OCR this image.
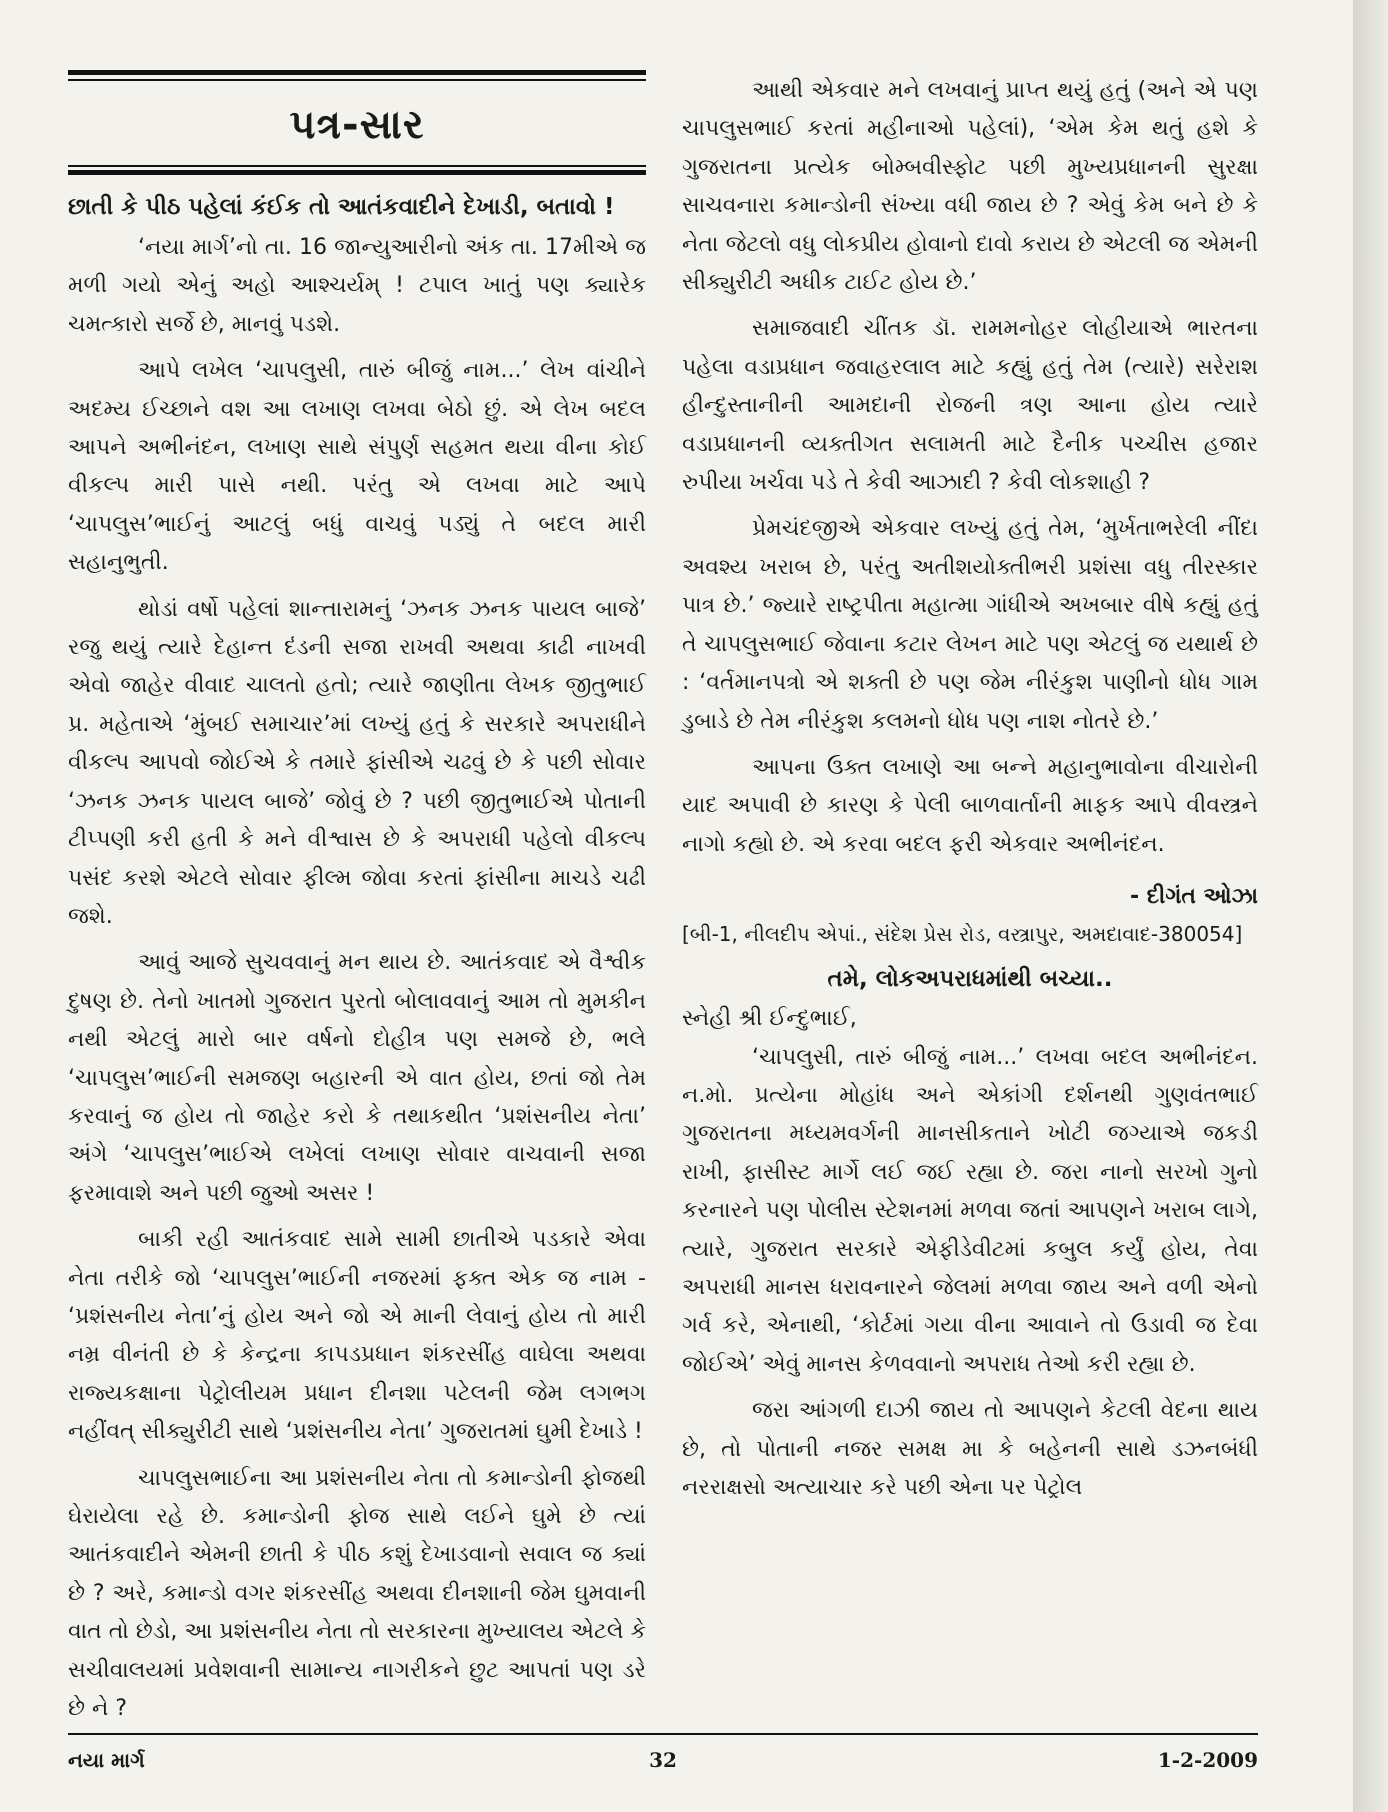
પત્ર-સાર
છાતી કે પીઠ પહેલાં કંઈક તો આતંકવાદીને દેખાડી, બતાવો !

‘નયા માર્ગ’નો તા. 16 જાન્યુઆરીનો અંક તા. 17મીએ જ મળી ગયો એનું અહો આશ્ચર્યમ્ ! ટપાલ ખાતું પણ ક્યારેક ચમત્કારો સર્જે છે, માનવું પડશે.

આપે લખેલ ‘ચાપલુસી, તારું બીજું નામ...’ લેખ વાંચીને અદમ્ય ઈચ્છાને વશ આ લખાણ લખવા બેઠો છું. એ લેખ બદલ આપને અભીનંદન, લખાણ સાથે સંપુર્ણ સહમત થયા વીના કોઈ વીકલ્પ મારી પાસે નથી. પરંતુ એ લખવા માટે આપે ‘ચાપલુસ’ભાઈનું આટલું બધું વાચવું પડ્યું તે બદલ મારી સહાનુભુતી.

થોડાં વર્ષો પહેલાં શાન્તારામનું ‘ઝનક ઝનક પાયલ બાજે’ રજુ થયું ત્યારે દેહાન્ત દંડની સજા રાખવી અથવા કાઢી નાખવી એવો જાહેર વીવાદ ચાલતો હતો; ત્યારે જાણીતા લેખક જીતુભાઈ પ્ર. મહેતાએ ‘મુંબઈ સમાચાર’માં લખ્યું હતું કે સરકારે અપરાધીને વીકલ્પ આપવો જોઈએ કે તમારે ફાંસીએ ચઢવું છે કે પછી સોવાર ‘ઝનક ઝનક પાયલ બાજે’ જોવું છે ? પછી જીતુભાઈએ પોતાની ટીપ્પણી કરી હતી કે મને વીશ્વાસ છે કે અપરાધી પહેલો વીકલ્પ પસંદ કરશે એટલે સોવાર ફીલ્મ જોવા કરતાં ફાંસીના માચડે ચઢી જશે.

આવું આજે સુચવવાનું મન થાય છે. આતંકવાદ એ વૈશ્વીક દુષણ છે. તેનો ખાતમો ગુજરાત પુરતો બોલાવવાનું આમ તો મુમકીન નથી એટલું મારો બાર વર્ષનો દોહીત્ર પણ સમજે છે, ભલે ‘ચાપલુસ’ભાઈની સમજણ બહારની એ વાત હોય, છતાં જો તેમ કરવાનું જ હોય તો જાહેર કરો કે તથાકથીત ‘પ્રશંસનીય નેતા’ અંગે ‘ચાપલુસ’ભાઈએ લખેલાં લખાણ સોવાર વાચવાની સજા ફરમાવાશે અને પછી જુઓ અસર !

બાકી રહી આતંકવાદ સામે સામી છાતીએ પડકારે એવા નેતા તરીકે જો ‘ચાપલુસ’ભાઈની નજરમાં ફક્ત એક જ નામ - ‘પ્રશંસનીય નેતા’નું હોય અને જો એ માની લેવાનું હોય તો મારી નમ્ર વીનંતી છે કે કેન્દ્રના કાપડપ્રધાન શંકરસીંહ વાઘેલા અથવા રાજ્યકક્ષાના પેટ્રોલીયમ પ્રધાન દીનશા પટેલની જેમ લગભગ નહીંવત્ સીક્યુરીટી સાથે ‘પ્રશંસનીય નેતા’ ગુજરાતમાં ઘુમી દેખાડે !

ચાપલુસભાઈના આ પ્રશંસનીય નેતા તો કમાન્ડોની ફોજથી ઘેરાયેલા રહે છે. કમાન્ડોની ફોજ સાથે લઈને ઘુમે છે ત્યાં આતંકવાદીને એમની છાતી કે પીઠ કશું દેખાડવાનો સવાલ જ ક્યાં છે ? અરે, કમાન્ડો વગર શંકરસીંહ અથવા દીનશાની જેમ ઘુમવાની વાત તો છેડો, આ પ્રશંસનીય નેતા તો સરકારના મુખ્યાલય એટલે કે સચીવાલયમાં પ્રવેશવાની સામાન્ય નાગરીકને છુટ આપતાં પણ ડરે છે ને ?

આથી એકવાર મને લખવાનું પ્રાપ્ત થયું હતું (અને એ પણ ચાપલુસભાઈ કરતાં મહીનાઓ પહેલાં), ‘એમ કેમ થતું હશે કે ગુજરાતના પ્રત્યેક બોમ્બવીસ્ફોટ પછી મુખ્યપ્રધાનની સુરક્ષા સાચવનારા કમાન્ડોની સંખ્યા વધી જાય છે ? એવું કેમ બને છે કે નેતા જેટલો વધુ લોકપ્રીય હોવાનો દાવો કરાય છે એટલી જ એમની સીક્યુરીટી અધીક ટાઈટ હોય છે.’

સમાજવાદી ચીંતક ડૉ. રામમનોહર લોહીયાએ ભારતના પહેલા વડાપ્રધાન જવાહરલાલ માટે કહ્યું હતું તેમ (ત્યારે) સરેરાશ હીન્દુસ્તાનીની આમદાની રોજની ત્રણ આના હોય ત્યારે વડાપ્રધાનની વ્યક્તીગત સલામતી માટે દૈનીક પચ્ચીસ હજાર રુપીયા ખર્ચવા પડે તે કેવી આઝાદી ? કેવી લોકશાહી ?

પ્રેમચંદજીએ એકવાર લખ્યું હતું તેમ, ‘મુર્ખતાભરેલી નીંદા અવશ્ય ખરાબ છે, પરંતુ અતીશયોક્તીભરી પ્રશંસા વધુ તીરસ્કાર પાત્ર છે.’ જ્યારે રાષ્ટ્રપીતા મહાત્મા ગાંધીએ અખબાર વીષે કહ્યું હતું તે ચાપલુસભાઈ જેવાના કટાર લેખન માટે પણ એટલું જ યથાર્થ છે : ‘વર્તમાનપત્રો એ શક્તી છે પણ જેમ નીરંકુશ પાણીનો ધોધ ગામ ડુબાડે છે તેમ નીરંકુશ કલમનો ધોધ પણ નાશ નોતરે છે.’

આપના ઉક્ત લખાણે આ બન્ને મહાનુભાવોના વીચારોની યાદ અપાવી છે કારણ કે પેલી બાળવાર્તાની માફક આપે વીવસ્ત્રને નાગો કહ્યો છે. એ કરવા બદલ ફરી એકવાર અભીનંદન.

- દીગંત ઓઝા

[બી-1, નીલદીપ એપાં., સંદેશ પ્રેસ રોડ, વસ્ત્રાપુર, અમદાવાદ-380054]

તમે, લોકઅપરાધમાંથી બચ્યા..

સ્નેહી શ્રી ઈન્દુભાઈ,

‘ચાપલુસી, તારું બીજું નામ...’ લખવા બદલ અભીનંદન. ન.મો. પ્રત્યેના મોહાંધ અને એકાંગી દર્શનથી ગુણવંતભાઈ ગુજરાતના મધ્યમવર્ગની માનસીકતાને ખોટી જગ્યાએ જકડી રાખી, ફાસીસ્ટ માર્ગે લઈ જઈ રહ્યા છે. જરા નાનો સરખો ગુનો કરનારને પણ પોલીસ સ્ટેશનમાં મળવા જતાં આપણને ખરાબ લાગે, ત્યારે, ગુજરાત સરકારે એફીડેવીટમાં કબુલ કર્યું હોય, તેવા અપરાધી માનસ ધરાવનારને જેલમાં મળવા જાય અને વળી એનો ગર્વ કરે, એનાથી, ‘કોર્ટમાં ગયા વીના આવાને તો ઉડાવી જ દેવા જોઈએ’ એવું માનસ કેળવવાનો અપરાધ તેઓ કરી રહ્યા છે.

જરા આંગળી દાઝી જાય તો આપણને કેટલી વેદના થાય છે, તો પોતાની નજર સમક્ષ મા કે બહેનની સાથે ડઝનબંધી નરરાક્ષસો અત્યાચાર કરે પછી એના પર પેટ્રોલ

નયા માર્ગ	32	1-2-2009
